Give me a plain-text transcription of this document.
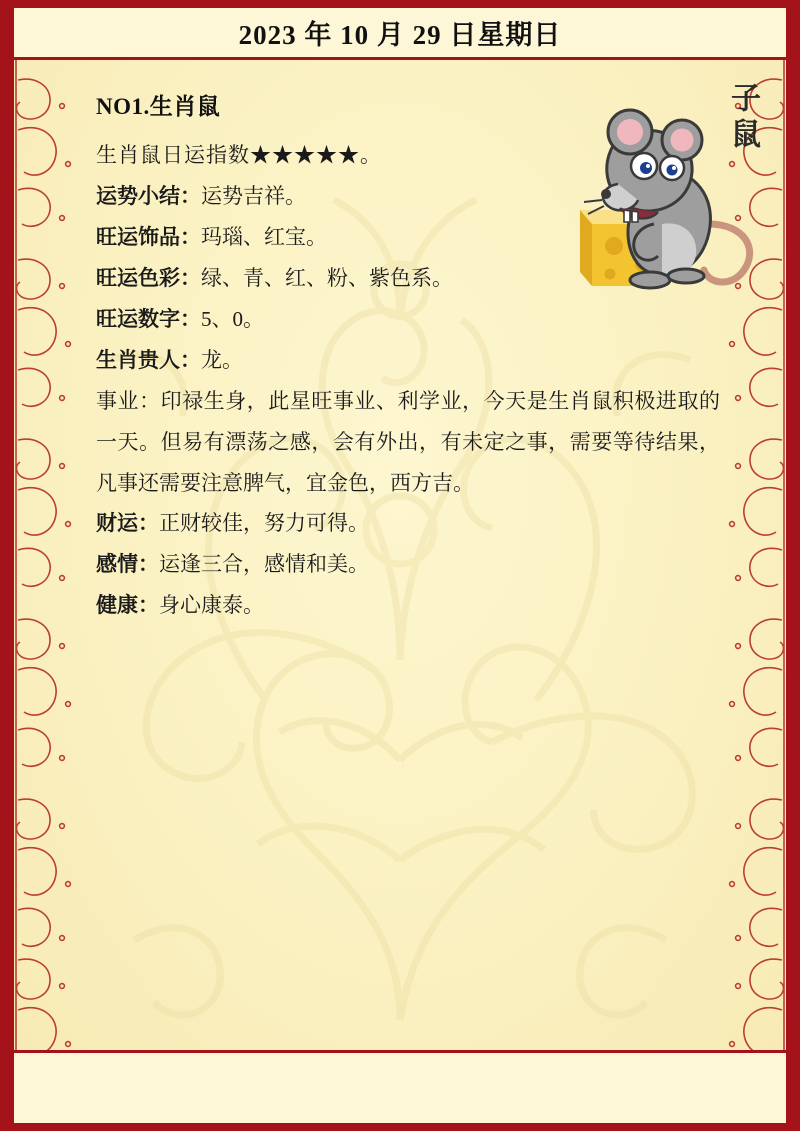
2023 年 10 月 29 日星期日
子鼠
NO1.生肖鼠
生肖鼠日运指数★★★★★。
运势小结：运势吉祥。
旺运饰品：玛瑙、红宝。
旺运色彩：绿、青、红、粉、紫色系。
旺运数字：5、0。
生肖贵人：龙。
事业：印禄生身，此星旺事业、利学业，今天是生肖鼠积极进取的一天。但易有漂荡之感，会有外出，有未定之事，需要等待结果，凡事还需要注意脾气，宜金色，西方吉。
财运：正财较佳，努力可得。
感情：运逢三合，感情和美。
健康：身心康泰。
